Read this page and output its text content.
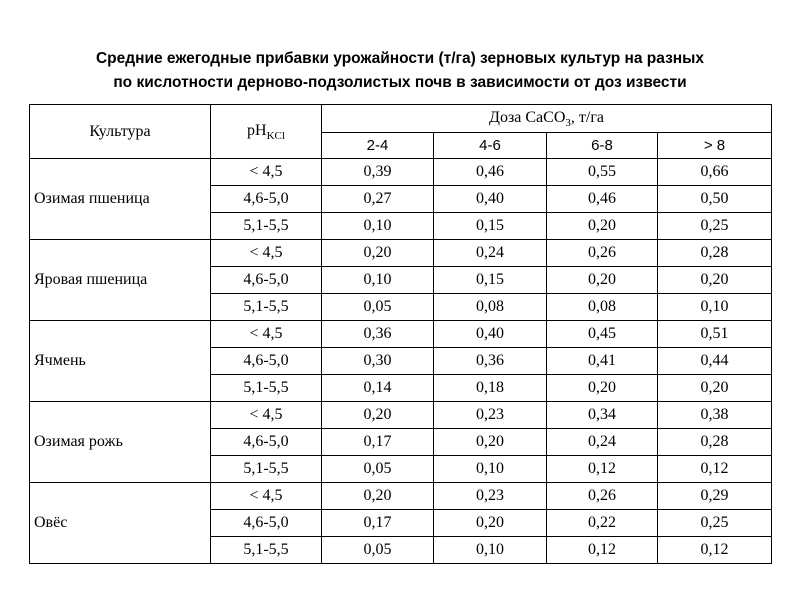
Средние ежегодные прибавки урожайности (т/га) зерновых культур на разных
по кислотности дерново-подзолистых почв в зависимости от доз извести
Культура	$pH_{KCl}$	Доза CaCO$_3$, т/га			
		2-4	4-6	6-8	> 8
Озимая пшеница	< 4,5	0,39	0,46	0,55	0,66
	4,6-5,0	0,27	0,40	0,46	0,50
	5,1-5,5	0,10	0,15	0,20	0,25
Яровая пшеница	< 4,5	0,20	0,24	0,26	0,28
	4,6-5,0	0,10	0,15	0,20	0,20
	5,1-5,5	0,05	0,08	0,08	0,10
Ячмень	< 4,5	0,36	0,40	0,45	0,51
	4,6-5,0	0,30	0,36	0,41	0,44
	5,1-5,5	0,14	0,18	0,20	0,20
Озимая рожь	< 4,5	0,20	0,23	0,34	0,38
	4,6-5,0	0,17	0,20	0,24	0,28
	5,1-5,5	0,05	0,10	0,12	0,12
Овёс	< 4,5	0,20	0,23	0,26	0,29
	4,6-5,0	0,17	0,20	0,22	0,25
	5,1-5,5	0,05	0,10	0,12	0,12
